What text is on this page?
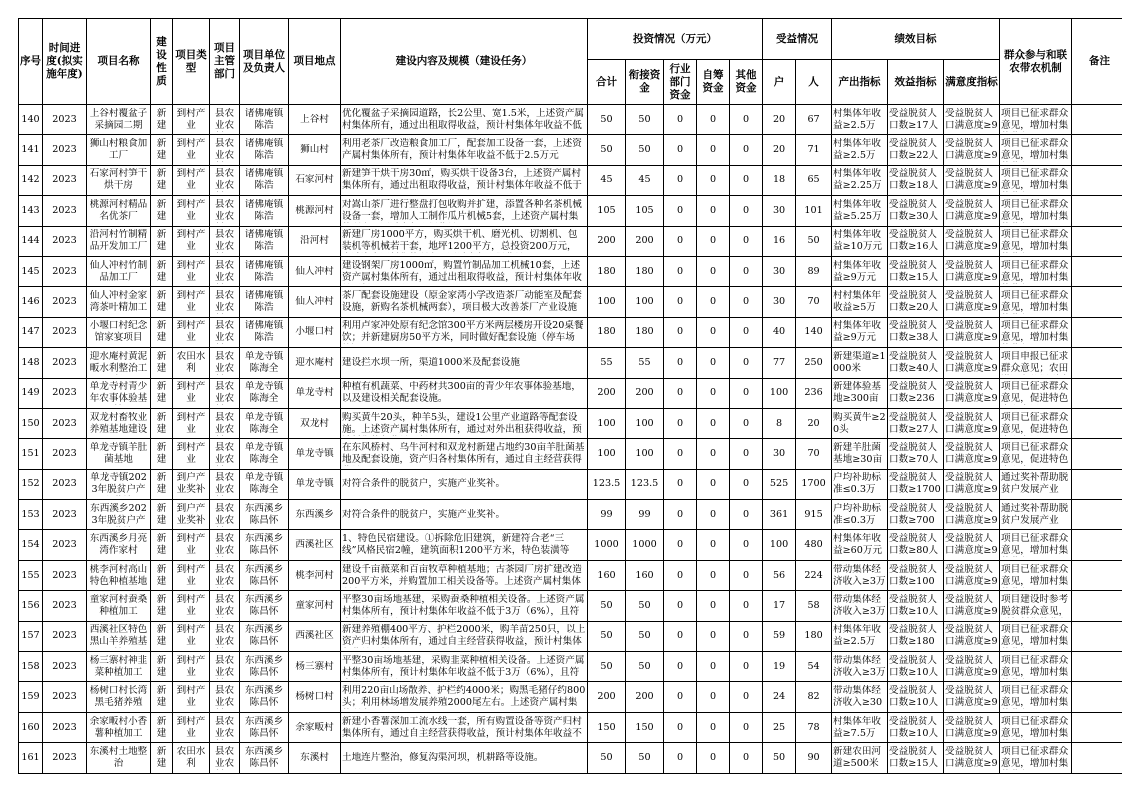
序号	时间进度(拟实施年度)	项目名称	建设性质	项目类型	项目主管部门	项目单位及负责人	项目地点	建设内容及规模（建设任务）	投资情况（万元）					受益情况		绩效目标			群众参与和联农带农机制	备注
									合计	衔接资金	行业部门资金	自筹资金	其他资金	户	人	产出指标	效益指标	满意度指标		

140	2023	上谷村覆盆子采摘园二期	新建	到村产业	县农业农	诸佛庵镇陈浩	上谷村	优化覆盆子采摘园道路，长2公里、宽1.5米，上述资产属村集体所有，通过出租取得收益，预计村集体年收益不低	50	50	0	0	0	20	67	村集体年收益≥2.5万	受益脱贫人口数≥17人	受益脱贫人口满意度≥9	项目已征求群众意见，增加村集	

141	2023	狮山村粮食加工厂	新建	到村产业	县农业农	诸佛庵镇陈浩	狮山村	利用老茶厂改造粮食加工厂，配套加工设备一套，上述资产属村集体所有，预计村集体年收益不低于2.5万元	50	50	0	0	0	20	71	村集体年收益≥2.5万	受益脱贫人口数≥22人	受益脱贫人口满意度≥9	项目已征求群众意见，增加村集	

142	2023	石家河村笋干烘干房	新建	到村产业	县农业农	诸佛庵镇陈浩	石家河村	新建笋干烘干房30㎡，购买烘干设备3台，上述资产属村集体所有，通过出租取得收益，预计村集体年收益不低于	45	45	0	0	0	18	65	村集体年收益≥2.25万	受益脱贫人口数≥18人	受益脱贫人口满意度≥9	项目已征求群众意见，增加村集	

143	2023	桃源河村精品名优茶厂	新建	到村产业	县农业农	诸佛庵镇陈浩	桃源河村	对嵩山茶厂进行整盘打包收购并扩建，添置各种名茶机械设备一套，增加人工制作瓜片机械5套，上述资产属村集	105	105	0	0	0	30	101	村集体年收益≥5.25万	受益脱贫人口数≥30人	受益脱贫人口满意度≥9	项目已征求群众意见，增加村集	

144	2023	沿河村竹制精品开发加工厂	新建	到村产业	县农业农	诸佛庵镇陈浩	沿河村	新建厂房1000平方，购买烘干机、磨光机、切割机、包装机等机械若干套，地坪1200平方，总投资200万元，	200	200	0	0	0	16	50	村集体年收益≥10万元	受益脱贫人口数≥16人	受益脱贫人口满意度≥9	项目已征求群众意见，增加村集	

145	2023	仙人冲村竹制品加工厂	新建	到村产业	县农业农	诸佛庵镇陈浩	仙人冲村	建设钢架厂房1000㎡，购置竹制品加工机械10套，上述资产属村集体所有，通过出租取得收益，预计村集体年收	180	180	0	0	0	30	89	村集体年收益≥9万元	受益脱贫人口数≥15人	受益脱贫人口满意度≥9	项目已征求群众意见，增加村集	

146	2023	仙人冲村金家湾茶叶精加工	新建	到村产业	县农业农	诸佛庵镇陈浩	仙人冲村	茶厂配套设施建设（原金家湾小学改造茶厂动能室及配套设施，新购名茶机械两套），项目极大改善茶厂产业设施	100	100	0	0	0	30	70	村村集体年收益≥5万	受益脱贫人口数≥20人	受益脱贫人口满意度≥9	项目已征求群众意见，增加村集	

147	2023	小堰口村纪念馆家宴项目	新建	到村产业	县农业农	诸佛庵镇陈浩	小堰口村	利用卢家冲处原有纪念馆300平方米两层楼房开设20桌餐饮；并新建厨房50平方米，同时做好配套设施（停车场	180	180	0	0	0	40	140	村集体年收益≥9万元	受益脱贫人口数≥38人	受益脱贫人口满意度≥9	项目已征求群众意见，增加村集	

148	2023	迎水庵村黄泥畈水利整治工	新建	农田水利	县农业农	单龙寺镇陈海全	迎水庵村	建设拦水坝一所，渠道1000米及配套设施	55	55	0	0	0	77	250	新建渠道≥1000米	受益脱贫人口数≥40人	受益脱贫人口满意度≥9	项目申报已征求群众意见；农田	

149	2023	单龙寺村青少年农事体验基	新建	到村产业	县农业农	单龙寺镇陈海全	单龙寺村	种植有机蔬菜、中药材共300亩的青少年农事体验基地，以及建设相关配套设施。	200	200	0	0	0	100	236	新建体验基地≥300亩	受益脱贫人口数≥236	受益脱贫人口满意度≥9	项目已征求群众意见，促进特色	

150	2023	双龙村畜牧业养殖基地建设	新建	到村产业	县农业农	单龙寺镇陈海全	双龙村	购买黄牛20头，种羊5头，建设1公里产业道路等配套设施。上述资产属村集体所有，通过对外出租获得收益，预	100	100	0	0	0	8	20	购买黄牛≥20头	受益脱贫人口数≥27人	受益脱贫人口满意度≥9	项目已征求群众意见，促进特色	

151	2023	单龙寺镇羊肚菌基地	新建	到村产业	县农业农	单龙寺镇陈海全	单龙寺镇	在东风桥村、乌牛河村和双龙村新建占地约30亩羊肚菌基地及配套设施，资产归各村集体所有，通过自主经营获得	100	100	0	0	0	30	70	新建羊肚菌基地≥30亩	受益脱贫人口数≥70人	受益脱贫人口满意度≥9	项目已征求群众意见，促进特色	

152	2023	单龙寺镇2023年脱贫户产	新建	到户产业奖补	县农业农	单龙寺镇陈海全	单龙寺镇	对符合条件的脱贫户，实施产业奖补。	123.5	123.5	0	0	0	525	1700	户均补助标准≤0.3万	受益脱贫人口数≥1700	受益脱贫人口满意度≥9	通过奖补帮助脱贫户发展产业	

153	2023	东西溪乡2023年脱贫户产	新建	到户产业奖补	县农业农	东西溪乡陈昌怀	东西溪乡	对符合条件的脱贫户，实施产业奖补。	99	99	0	0	0	361	915	户均补助标准≤0.3万	受益脱贫人口数≥700	受益脱贫人口满意度≥9	通过奖补帮助脱贫户发展产业	

154	2023	东西溪乡月亮湾作家村	新建	到村产业	县农业农	东西溪乡陈昌怀	西溪社区	1、特色民宿建设。①拆除危旧建筑，新建符合老“三线”风格民宿2幢，建筑面积1200平方米，特色装潢等	1000	1000	0	0	0	100	480	村集体年收益≥60万元	受益脱贫人口数≥80人	受益脱贫人口满意度≥9	项目已征求群众意见，增加村集	

155	2023	桃李河村高山特色种植基地	新建	到村产业	县农业农	东西溪乡陈昌怀	桃李河村	建设千亩薇菜和百亩牧草种植基地；古茶园厂房扩建改造200平方米，并购置加工相关设备等。上述资产属村集体	160	160	0	0	0	56	224	带动集体经济收入≥3万	受益脱贫人口数≥100	受益脱贫人口满意度≥9	项目已征求群众意见，增加村集	

156	2023	童家河村蚕桑种植加工	新建	到村产业	县农业农	东西溪乡陈昌怀	童家河村	平整30亩场地基建，采购蚕桑种植相关设备。上述资产属村集体所有，预计村集体年收益不低于3万（6%），且符	50	50	0	0	0	17	58	带动集体经济收入≥3万	受益脱贫人口数≥10人	受益脱贫人口满意度≥9	项目建设时参考脱贫群众意见，	

157	2023	西溪社区特色黑山羊养殖基	新建	到村产业	县农业农	东西溪乡陈昌怀	西溪社区	新建养殖棚400平方、护栏2000米，购羊苗250只，以上资产归村集体所有，通过自主经营获得收益，预计村集体	50	50	0	0	0	59	180	村集体年收益≥2.5万	受益脱贫人口数≥180	受益脱贫人口满意度≥9	项目已征求群众意见，增加村集	

158	2023	杨三寨村神韭菜种植加工	新建	到村产业	县农业农	东西溪乡陈昌怀	杨三寨村	平整30亩场地基建，采购韭菜种植相关设备。上述资产属村集体所有，预计村集体年收益不低于3万（6%），且符	50	50	0	0	0	19	54	带动集体经济收入≥3万	受益脱贫人口数≥10人	受益脱贫人口满意度≥9	项目已征求群众意见，增加村集	

159	2023	杨树口村长湾黑毛猪养殖	新建	到村产业	县农业农	东西溪乡陈昌怀	杨树口村	利用220亩山场散养、护栏约4000米；购黑毛猪仔约800头；利用林场增发展养殖2000尾左右。上述资产属村集	200	200	0	0	0	24	82	带动集体经济收入≥30	受益脱贫人口数≥10人	受益脱贫人口满意度≥9	项目已征求群众意见，增加村集	

160	2023	余家畈村小香薯种植加工	新建	到村产业	县农业农	东西溪乡陈昌怀	余家畈村	新建小香薯深加工流水线一套，所有购置设备等资产归村集体所有，通过自主经营获得收益，预计村集体年收益不	150	150	0	0	0	25	78	村集体年收益≥7.5万	受益脱贫人口数≥10人	受益脱贫人口满意度≥9	项目已征求群众意见，增加村集	

161	2023	东溪村土地整治	新建	农田水利	县农业农	东西溪乡陈昌怀	东溪村	土地连片整治，修复沟渠河坝，机耕路等设施。	50	50	0	0	0	50	90	新建农田河道≥500米	受益脱贫人口数≥15人	受益脱贫人口满意度≥9	项目已征求群众意见，增加村集	
